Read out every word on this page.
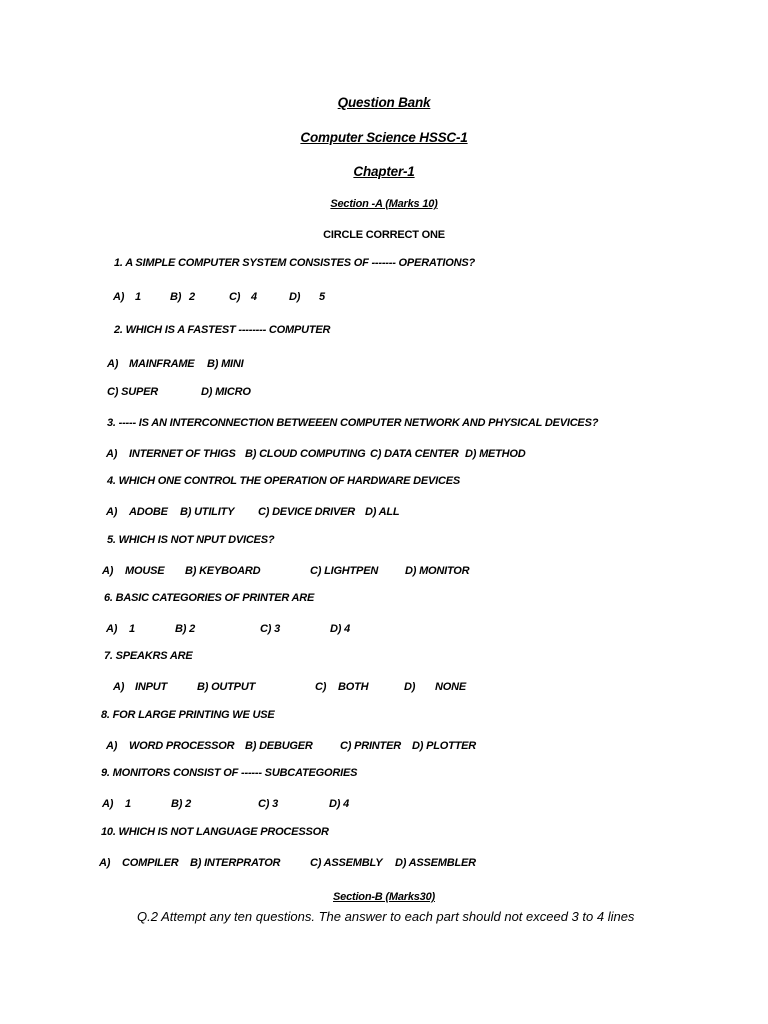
Question Bank
Computer Science HSSC-1
Chapter-1
Section -A (Marks 10)
CIRCLE CORRECT ONE
1. A SIMPLE COMPUTER SYSTEM CONSISTES OF ------- OPERATIONS?
A) 1	B) 2	C) 4	D) 5
2. WHICH IS A FASTEST -------- COMPUTER
A) MAINFRAME B) MINI
C) SUPER	D) MICRO
3. ----- IS AN INTERCONNECTION BETWEEEN COMPUTER NETWORK AND PHYSICAL DEVICES?
A) INTERNET OF THIGS B) CLOUD COMPUTING C) DATA CENTER D) METHOD
4. WHICH ONE CONTROL THE OPERATION OF HARDWARE DEVICES
A) ADOBE B) UTILITY C) DEVICE DRIVER D) ALL
5. WHICH IS NOT NPUT DVICES?
A) MOUSE B) KEYBOARD	C) LIGHTPEN D) MONITOR
6. BASIC CATEGORIES OF PRINTER ARE
A) 1	B) 2	C) 3	D) 4
7. SPEAKRS ARE
A) INPUT	B) OUTPUT	C) BOTH	D) NONE
8. FOR LARGE PRINTING WE USE
A) WORD PROCESSOR B) DEBUGER C) PRINTER D) PLOTTER
9. MONITORS CONSIST OF ------ SUBCATEGORIES
A) 1	B) 2	C) 3	D) 4
10. WHICH IS NOT LANGUAGE PROCESSOR
A) COMPILER B) INTERPRATOR	C) ASSEMBLY D) ASSEMBLER
Section-B (Marks30)
Q.2 Attempt any ten questions. The answer to each part should not exceed 3 to 4 lines
